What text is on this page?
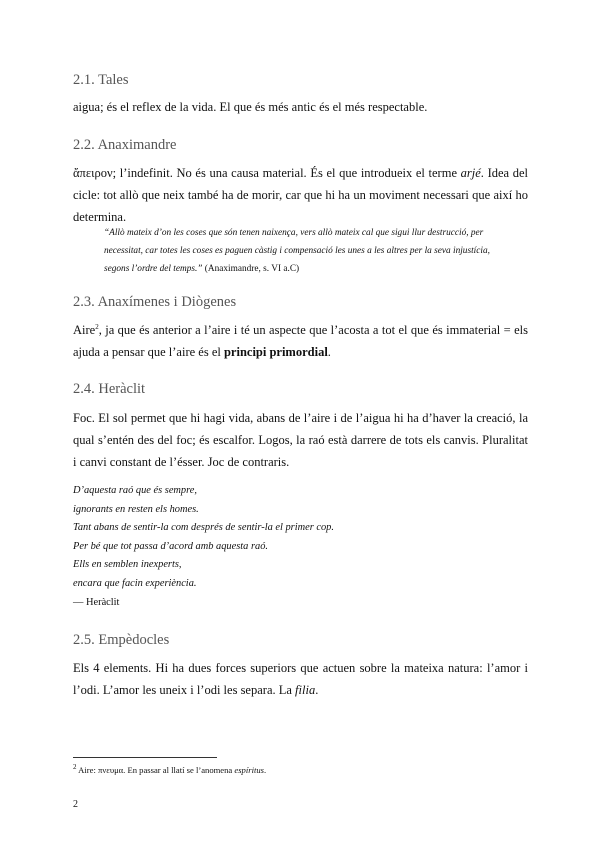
2.1. Tales

aigua; és el reflex de la vida. El que és més antic és el més respectable.

2.2. Anaximandre

ἄπειρον; l’indefinit. No és una causa material. És el que introdueix el terme arjé. Idea del cicle: tot allò que neix també ha de morir, car que hi ha un moviment necessari que així ho determina.

“Allò mateix d’on les coses que són tenen naixença, vers allò mateix cal que sigui llur destrucció, per necessitat, car totes les coses es paguen càstig i compensació les unes a les altres per la seva injustícia, segons l’ordre del temps.” (Anaximandre, s. VI a.C)

2.3. Anaxímenes i Diògenes

Aire$^2$, ja que és anterior a l’aire i té un aspecte que l’acosta a tot el que és immaterial = els ajuda a pensar que l’aire és el principi primordial.

2.4. Heràclit

Foc. El sol permet que hi hagi vida, abans de l’aire i de l’aigua hi ha d’haver la creació, la qual s’entén des del foc; és escalfor. Logos, la raó està darrere de tots els canvis. Pluralitat i canvi constant de l’ésser. Joc de contraris.

D’aquesta raó que és sempre,
ignorants en resten els homes.
Tant abans de sentir-la com després de sentir-la el primer cop.
Per bé que tot passa d’acord amb aquesta raó.
Ells en semblen inexperts,
encara que facin experiència.
— Heràclit
2.5. Empèdocles

Els 4 elements. Hi ha dues forces superiors que actuen sobre la mateixa natura: l’amor i l’odi. L’amor les uneix i l’odi les separa. La filia.

$^2$ Aire: πνευμα. En passar al llatí se l’anomena espíritus.

2
